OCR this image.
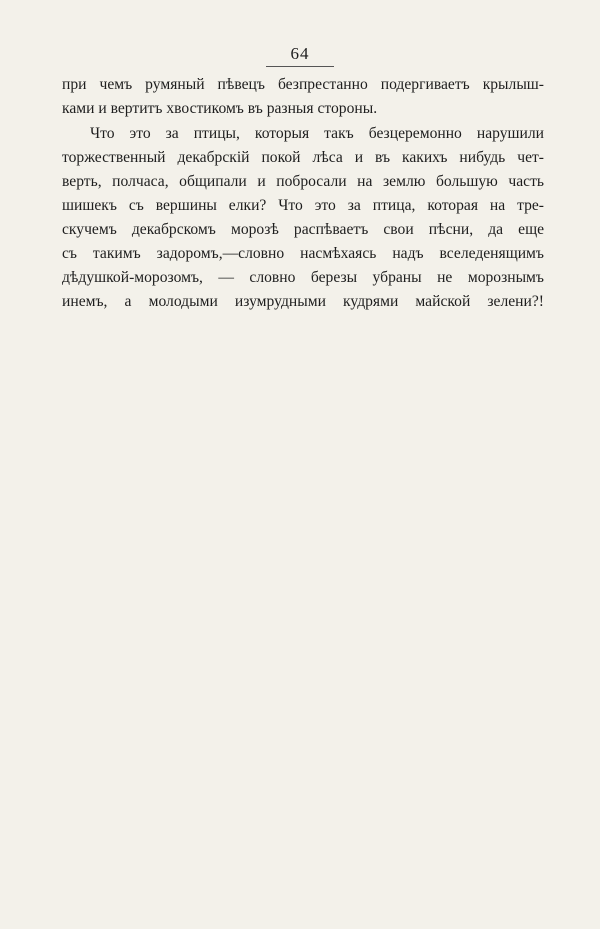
64
при чемъ румяный пѣвецъ безпрестанно подергиваетъ крылыш-
ками и вертитъ хвостикомъ въ разныя стороны.
Что это за птицы, которыя такъ безцеремонно нарушили
торжественный декабрскій покой лѣса и въ какихъ нибудь чет-
верть, полчаса, общипали и побросали на землю большую часть
шишекъ съ вершины елки? Что это за птица, которая на тре-
скучемъ декабрскомъ морозѣ распѣваетъ свои пѣсни, да еще
съ такимъ задоромъ,—словно насмѣхаясь надъ вселеденящимъ
дѣдушкой-морозомъ, — словно березы убраны не морознымъ
инемъ, а молодыми изумрудными кудрями майской зелени?!
